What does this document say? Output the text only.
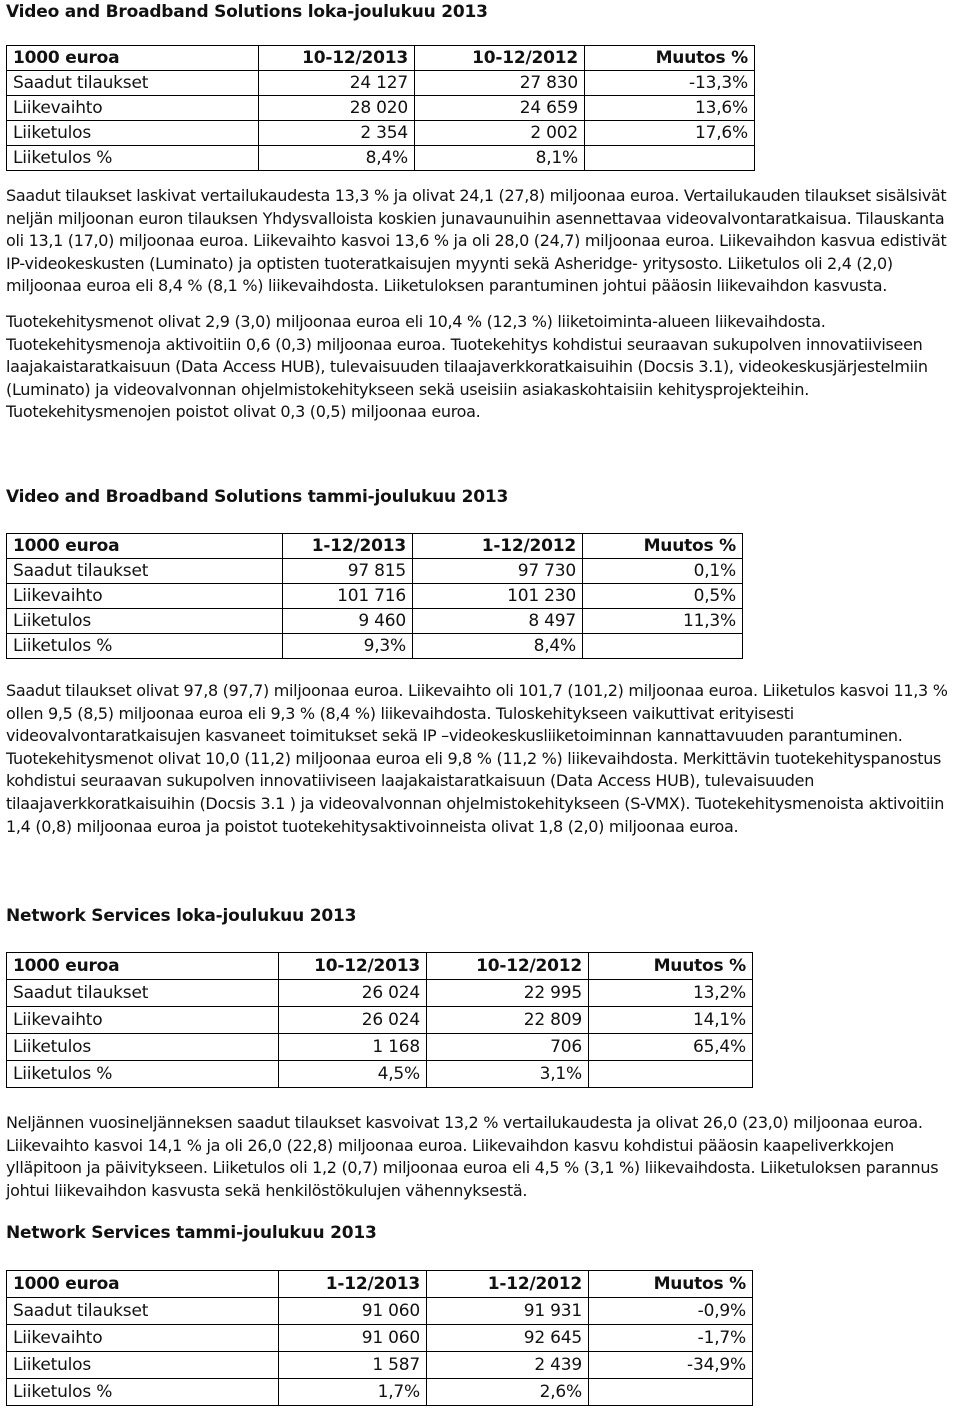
Video and Broadband Solutions loka-joulukuu 2013
1000 euroa	10-12/2013	10-12/2012	Muutos %
Saadut tilaukset	24 127	27 830	-13,3%
Liikevaihto	28 020	24 659	13,6%
Liiketulos	2 354	2 002	17,6%
Liiketulos %	8,4%	8,1%	

Saadut tilaukset laskivat vertailukaudesta 13,3 % ja olivat 24,1 (27,8) miljoonaa euroa. Vertailukauden tilaukset sisälsivät neljän miljoonan euron tilauksen Yhdysvalloista koskien junavaunuihin asennettavaa videovalvontaratkaisua. Tilauskanta oli 13,1 (17,0) miljoonaa euroa. Liikevaihto kasvoi 13,6 % ja oli 28,0 (24,7) miljoonaa euroa. Liikevaihdon kasvua edistivät IP-videokeskusten (Luminato) ja optisten tuoteratkaisujen myynti sekä Asheridge- yritysosto. Liiketulos oli 2,4 (2,0) miljoonaa euroa eli 8,4 % (8,1 %) liikevaihdosta. Liiketuloksen parantuminen johtui pääosin liikevaihdon kasvusta.

Tuotekehitysmenot olivat 2,9 (3,0) miljoonaa euroa eli 10,4 % (12,3 %) liiketoiminta-alueen liikevaihdosta. Tuotekehitysmenoja aktivoitiin 0,6 (0,3) miljoonaa euroa. Tuotekehitys kohdistui seuraavan sukupolven innovatiiviseen laajakaistaratkaisuun (Data Access HUB), tulevaisuuden tilaajaverkkoratkaisuihin (Docsis 3.1), videokeskusjärjestelmiin (Luminato) ja videovalvonnan ohjelmistokehitykseen sekä useisiin asiakaskohtaisiin kehitysprojekteihin. Tuotekehitysmenojen poistot olivat 0,3 (0,5) miljoonaa euroa.

Video and Broadband Solutions tammi-joulukuu 2013
1000 euroa	1-12/2013	1-12/2012	Muutos %
Saadut tilaukset	97 815	97 730	0,1%
Liikevaihto	101 716	101 230	0,5%
Liiketulos	9 460	8 497	11,3%
Liiketulos %	9,3%	8,4%	

Saadut tilaukset olivat 97,8 (97,7) miljoonaa euroa. Liikevaihto oli 101,7 (101,2) miljoonaa euroa. Liiketulos kasvoi 11,3 % ollen 9,5 (8,5) miljoonaa euroa eli 9,3 % (8,4 %) liikevaihdosta. Tuloskehitykseen vaikuttivat erityisesti videovalvontaratkaisujen kasvaneet toimitukset sekä IP –videokeskusliiketoiminnan kannattavuuden parantuminen. Tuotekehitysmenot olivat 10,0 (11,2) miljoonaa euroa eli 9,8 % (11,2 %) liikevaihdosta. Merkittävin tuotekehityspanostus kohdistui seuraavan sukupolven innovatiiviseen laajakaistaratkaisuun (Data Access HUB), tulevaisuuden tilaajaverkkoratkaisuihin (Docsis 3.1 ) ja videovalvonnan ohjelmistokehitykseen (S-VMX). Tuotekehitysmenoista aktivoitiin 1,4 (0,8) miljoonaa euroa ja poistot tuotekehitysaktivoinneista olivat 1,8 (2,0) miljoonaa euroa.

Network Services loka-joulukuu 2013
1000 euroa	10-12/2013	10-12/2012	Muutos %
Saadut tilaukset	26 024	22 995	13,2%
Liikevaihto	26 024	22 809	14,1%
Liiketulos	1 168	706	65,4%
Liiketulos %	4,5%	3,1%	

Neljännen vuosineljänneksen saadut tilaukset kasvoivat 13,2 % vertailukaudesta ja olivat 26,0 (23,0) miljoonaa euroa. Liikevaihto kasvoi 14,1 % ja oli 26,0 (22,8) miljoonaa euroa. Liikevaihdon kasvu kohdistui pääosin kaapeliverkkojen ylläpitoon ja päivitykseen. Liiketulos oli 1,2 (0,7) miljoonaa euroa eli 4,5 % (3,1 %) liikevaihdosta. Liiketuloksen parannus johtui liikevaihdon kasvusta sekä henkilöstökulujen vähennyksestä.

Network Services tammi-joulukuu 2013
1000 euroa	1-12/2013	1-12/2012	Muutos %
Saadut tilaukset	91 060	91 931	-0,9%
Liikevaihto	91 060	92 645	-1,7%
Liiketulos	1 587	2 439	-34,9%
Liiketulos %	1,7%	2,6%	
